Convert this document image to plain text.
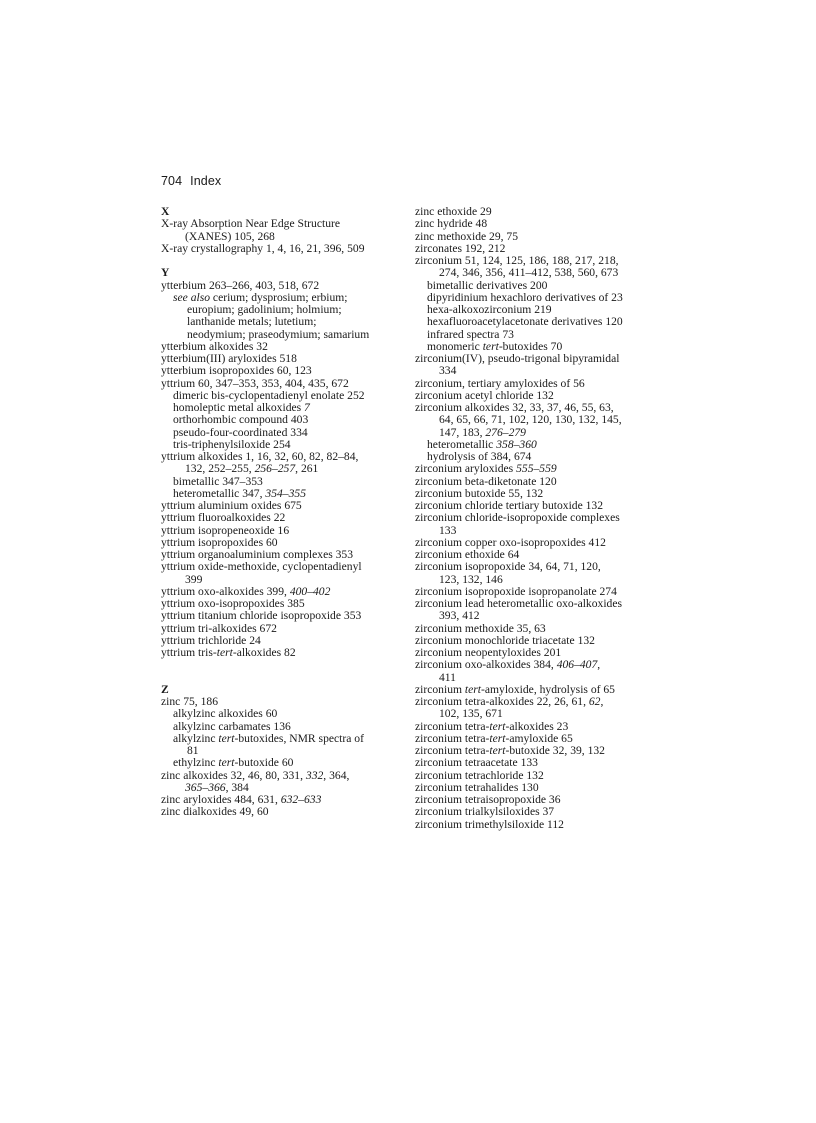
704 Index
X
X-ray Absorption Near Edge Structure
(XANES) 105, 268
X-ray crystallography 1, 4, 16, 21, 396, 509
Y
ytterbium 263–266, 403, 518, 672
see also cerium; dysprosium; erbium;
europium; gadolinium; holmium;
lanthanide metals; lutetium;
neodymium; praseodymium; samarium
ytterbium alkoxides 32
ytterbium(III) aryloxides 518
ytterbium isopropoxides 60, 123
yttrium 60, 347–353, 353, 404, 435, 672
dimeric bis-cyclopentadienyl enolate 252
homoleptic metal alkoxides 7
orthorhombic compound 403
pseudo-four-coordinated 334
tris-triphenylsiloxide 254
yttrium alkoxides 1, 16, 32, 60, 82, 82–84,
132, 252–255, 256–257, 261
bimetallic 347–353
heterometallic 347, 354–355
yttrium aluminium oxides 675
yttrium fluoroalkoxides 22
yttrium isopropeneoxide 16
yttrium isopropoxides 60
yttrium organoaluminium complexes 353
yttrium oxide-methoxide, cyclopentadienyl
399
yttrium oxo-alkoxides 399, 400–402
yttrium oxo-isopropoxides 385
yttrium titanium chloride isopropoxide 353
yttrium tri-alkoxides 672
yttrium trichloride 24
yttrium tris-tert-alkoxides 82
Z
zinc 75, 186
alkylzinc alkoxides 60
alkylzinc carbamates 136
alkylzinc tert-butoxides, NMR spectra of
81
ethylzinc tert-butoxide 60
zinc alkoxides 32, 46, 80, 331, 332, 364,
365–366, 384
zinc aryloxides 484, 631, 632–633
zinc dialkoxides 49, 60
zinc ethoxide 29
zinc hydride 48
zinc methoxide 29, 75
zirconates 192, 212
zirconium 51, 124, 125, 186, 188, 217, 218,
274, 346, 356, 411–412, 538, 560, 673
bimetallic derivatives 200
dipyridinium hexachloro derivatives of 23
hexa-alkoxozirconium 219
hexafluoroacetylacetonate derivatives 120
infrared spectra 73
monomeric tert-butoxides 70
zirconium(IV), pseudo-trigonal bipyramidal
334
zirconium, tertiary amyloxides of 56
zirconium acetyl chloride 132
zirconium alkoxides 32, 33, 37, 46, 55, 63,
64, 65, 66, 71, 102, 120, 130, 132, 145,
147, 183, 276–279
heterometallic 358–360
hydrolysis of 384, 674
zirconium aryloxides 555–559
zirconium beta-diketonate 120
zirconium butoxide 55, 132
zirconium chloride tertiary butoxide 132
zirconium chloride-isopropoxide complexes
133
zirconium copper oxo-isopropoxides 412
zirconium ethoxide 64
zirconium isopropoxide 34, 64, 71, 120,
123, 132, 146
zirconium isopropoxide isopropanolate 274
zirconium lead heterometallic oxo-alkoxides
393, 412
zirconium methoxide 35, 63
zirconium monochloride triacetate 132
zirconium neopentyloxides 201
zirconium oxo-alkoxides 384, 406–407,
411
zirconium tert-amyloxide, hydrolysis of 65
zirconium tetra-alkoxides 22, 26, 61, 62,
102, 135, 671
zirconium tetra-tert-alkoxides 23
zirconium tetra-tert-amyloxide 65
zirconium tetra-tert-butoxide 32, 39, 132
zirconium tetraacetate 133
zirconium tetrachloride 132
zirconium tetrahalides 130
zirconium tetraisopropoxide 36
zirconium trialkylsiloxides 37
zirconium trimethylsiloxide 112
